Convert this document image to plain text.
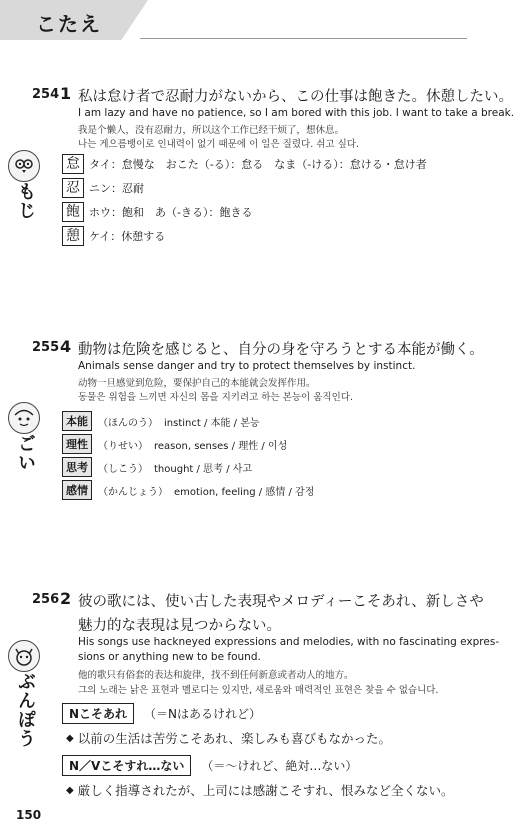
こたえ
254 1 私は怠け者で忍耐力がないから、この仕事は飽きた。休憩したい。
I am lazy and have no patience, so I am bored with this job. I want to take a break.
我是个懒人，没有忍耐力，所以这个工作已经干烦了，想休息。
나는 게으름뱅이로 인내력이 없기 때문에 이 일은 질렸다. 쉬고 싶다.
もじ
怠 タイ：怠慢な　おこた（-る）：怠る　なま（-ける）：怠ける・怠け者
忍 ニン：忍耐
飽 ホウ：飽和　あ（-きる）：飽きる
憩 ケイ：休憩する
255 4 動物は危険を感じると、自分の身を守ろうとする本能が働く。
Animals sense danger and try to protect themselves by instinct.
动物一旦感觉到危险，要保护自己的本能就会发挥作用。
동물은 위험을 느끼면 자신의 몸을 지키려고 하는 본능이 움직인다.
ごい
本能	（ほんのう） instinct / 本能 / 본능
理性	（りせい） reason, senses / 理性 / 이성
思考	（しこう） thought / 思考 / 사고
感情	（かんじょう） emotion, feeling / 感情 / 감정
256 2 彼の歌には、使い古した表現やメロディーこそあれ、新しさや
魅力的な表現は見つからない。
His songs use hackneyed expressions and melodies, with no fascinating expres-
sions or anything new to be found.
他的歌只有俗套的表达和旋律，找不到任何新意或者动人的地方。
그의 노래는 낡은 표현과 멜로디는 있지만, 새로움와 매력적인 표현은 찾을 수 없습니다.
ぶんぽう	Nこそあれ	（＝Nはあるけれど）
◆ 以前の生活は苦労こそあれ、楽しみも喜びもなかった。
N／Vこそすれ…ない	（＝～けれど、絶対…ない）
◆ 厳しく指導されたが、上司には感謝こそすれ、恨みなど全くない。
150
